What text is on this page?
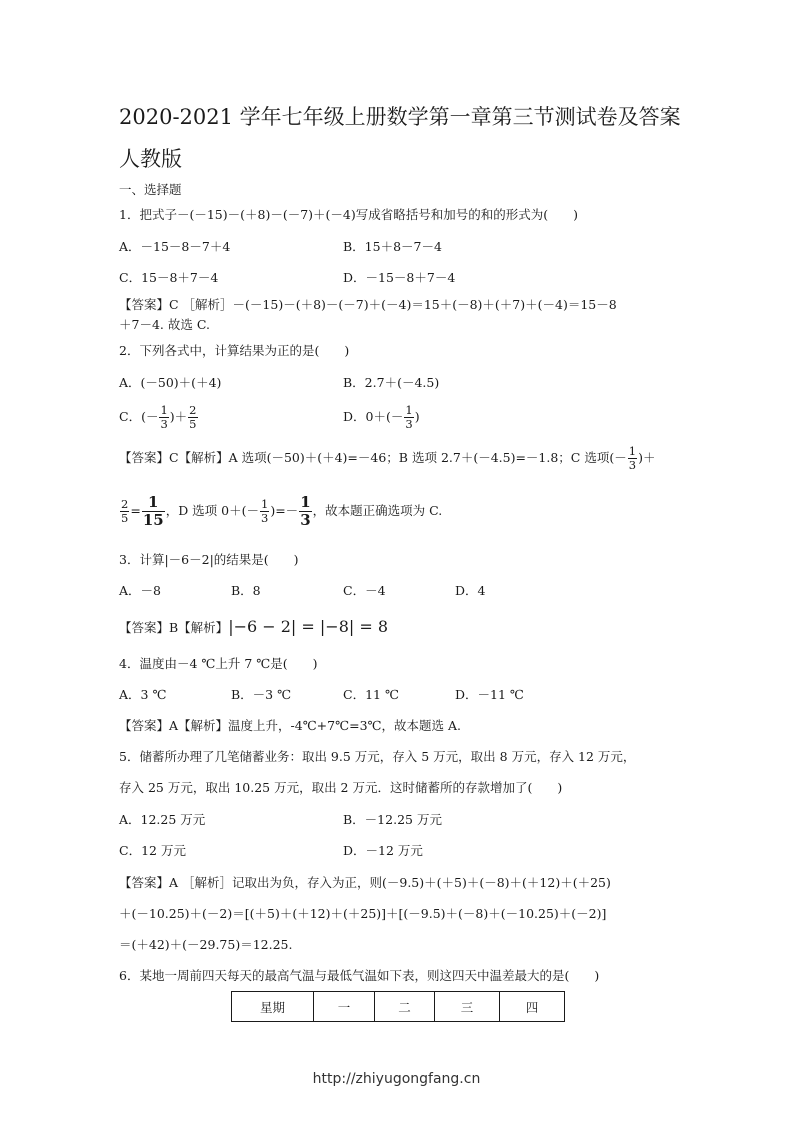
2020-2021 学年七年级上册数学第一章第三节测试卷及答案
人教版
一、选择题
1．把式子－(－15)－(＋8)－(－7)＋(－4)写成省略括号和加号的和的形式为(　　)
A．－15－8－7＋4	B．15＋8－7－4
C．15－8＋7－4	D．－15－8＋7－4
【答案】C ［解析］－(－15)－(＋8)－(－7)＋(－4)＝15＋(－8)＋(＋7)＋(－4)＝15－8
＋7－4. 故选 C.
2．下列各式中，计算结果为正的是(　　)
A．(－50)＋(＋4)	B．2.7＋(－4.5)
C．(－ $\frac{1}{3}$ )＋ $\frac{2}{5}$	D．$0+(- \frac{1}{3}$ )
【答案】C【解析】A 选项(－50)＋(＋4)=－46；B 选项 2.7＋(－4.5)=－1.8；C 选项(－ $\frac{1}{3}$ )＋
$\frac{2}{5} = \frac{1}{15}$ ，D 选项 $0+(- \frac{1}{3}$ )=－ $\frac{1}{3}$ ，故本题正确选项为 C.
3．计算|－6－2|的结果是(　　)
A．－8	B．8	C．－4	D．4
【答案】B【解析】|−6 − 2| = |−8| = 8
4．温度由－4 ℃上升 7 ℃是(　　)
A．3 ℃	B．－3 ℃	C．11 ℃	D．－11 ℃
【答案】A【解析】温度上升，-4℃+7℃=3℃，故本题选 A.
5．储蓄所办理了几笔储蓄业务：取出 9.5 万元，存入 5 万元，取出 8 万元，存入 12 万元，
存入 25 万元，取出 10.25 万元，取出 2 万元．这时储蓄所的存款增加了(　　)
A．12.25 万元	B．－12.25 万元
C．12 万元	D．－12 万元
【答案】A ［解析］记取出为负，存入为正，则(－9.5)＋(＋5)＋(－8)＋(＋12)＋(＋25)
＋(－10.25)＋(－2)＝[(＋5)＋(＋12)＋(＋25)]＋[(－9.5)＋(－8)＋(－10.25)＋(－2)]
＝(＋42)＋(－29.75)＝12.25.
6．某地一周前四天每天的最高气温与最低气温如下表，则这四天中温差最大的是(　　)
星期	一	二	三	四
http://zhiyugongfang.cn
